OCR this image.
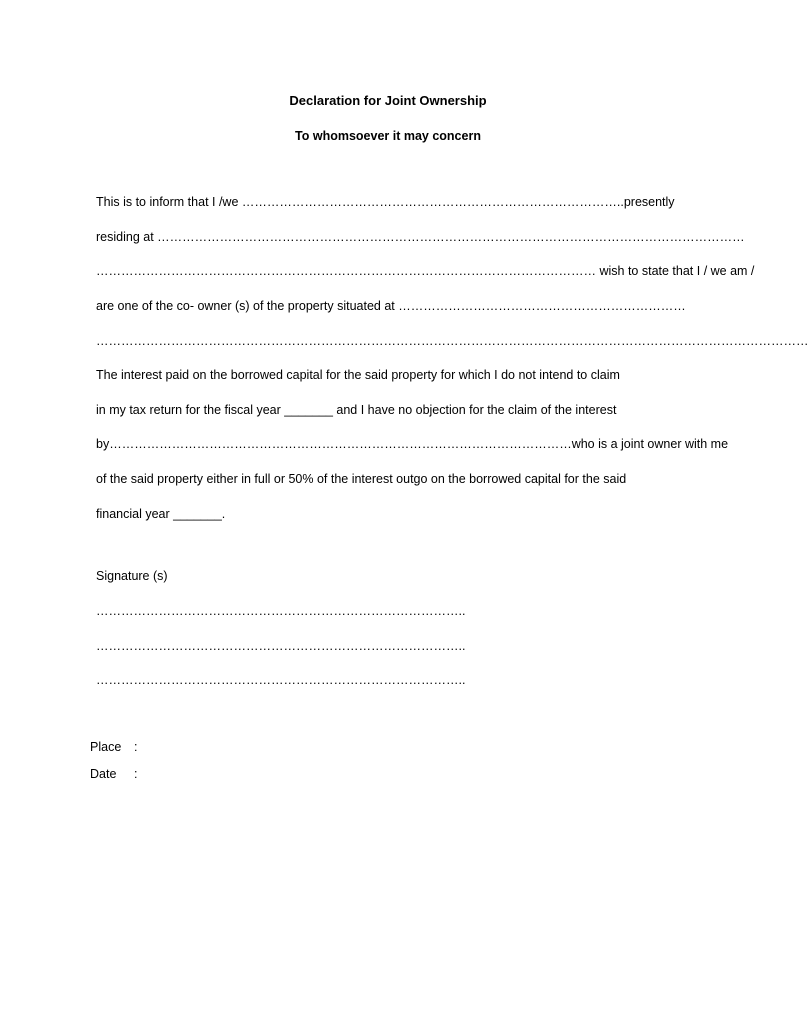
Declaration for Joint Ownership
To whomsoever it may concern
This is to inform that I /we ………………………………………………………………………………..presently
residing at ……………………………………………………………………………………………………………………………
………………………………………………………………………………………………………… wish to state that I / we am /
are one of the co- owner (s) of the property situated at ……………………………………………………………
………………………………………………………………………………………………………………………………………………………
The interest paid on the borrowed capital for the said property for which I do not intend to claim
in my tax return for the fiscal year _______ and I have no objection for the claim of the interest
by…………………………………………………………………………………………………who is a joint owner with me
of the said property either in full or 50% of the interest outgo on the borrowed capital for the said
financial year _______.
Signature (s)
……………………………………………………………………………..
……………………………………………………………………………..
……………………………………………………………………………..
Place :
Date :
